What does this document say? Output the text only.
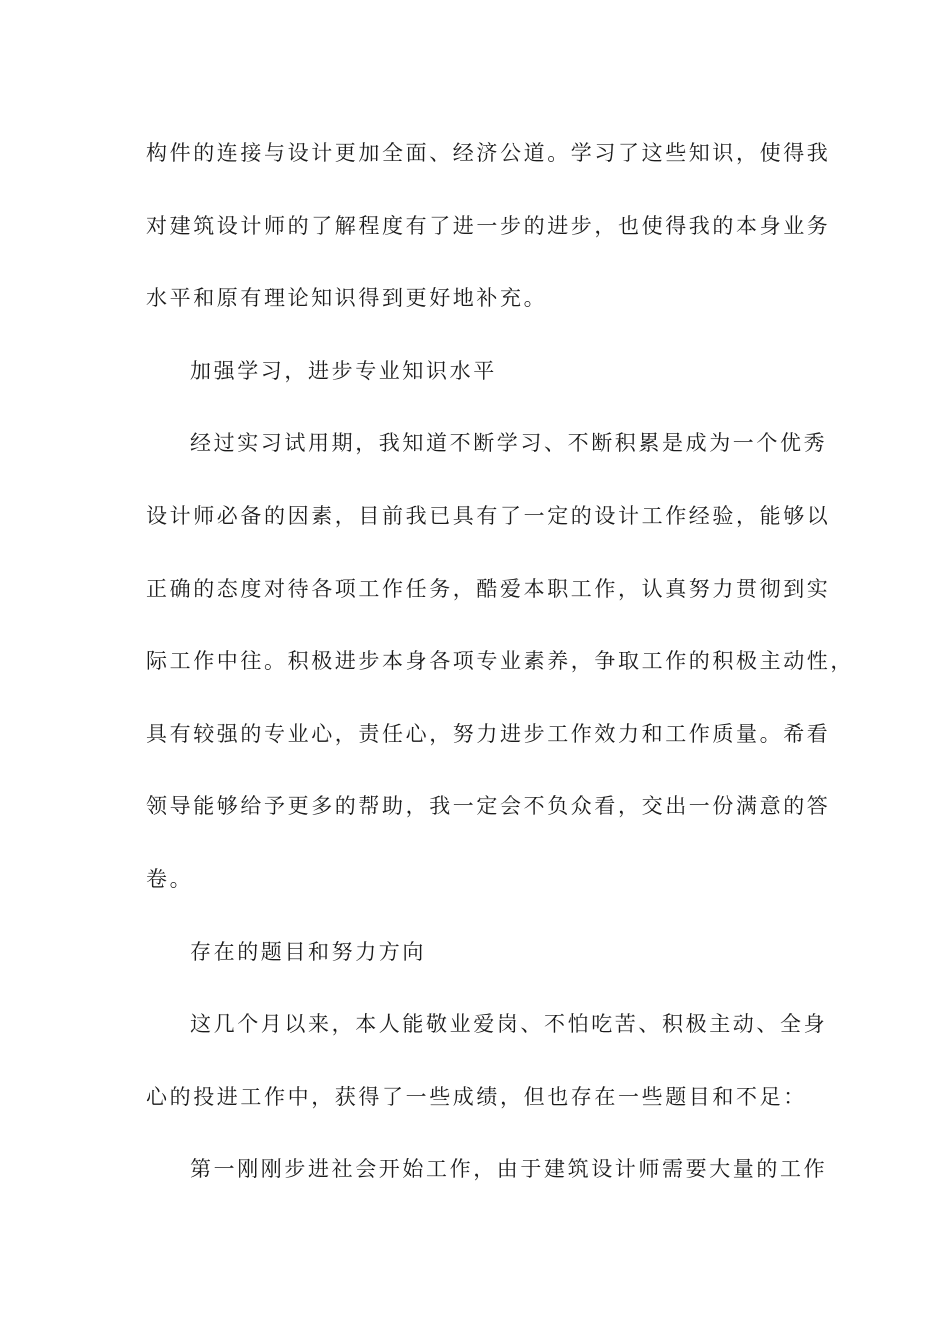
构件的连接与设计更加全面、经济公道。学习了这些知识，使得我
对建筑设计师的了解程度有了进一步的进步，也使得我的本身业务
水平和原有理论知识得到更好地补充。
加强学习，进步专业知识水平
经过实习试用期，我知道不断学习、不断积累是成为一个优秀
设计师必备的因素，目前我已具有了一定的设计工作经验，能够以
正确的态度对待各项工作任务，酷爱本职工作，认真努力贯彻到实
际工作中往。积极进步本身各项专业素养，争取工作的积极主动性，
具有较强的专业心，责任心，努力进步工作效力和工作质量。希看
领导能够给予更多的帮助，我一定会不负众看，交出一份满意的答
卷。
存在的题目和努力方向
这几个月以来，本人能敬业爱岗、不怕吃苦、积极主动、全身
心的投进工作中，获得了一些成绩，但也存在一些题目和不足：
第一刚刚步进社会开始工作，由于建筑设计师需要大量的工作
